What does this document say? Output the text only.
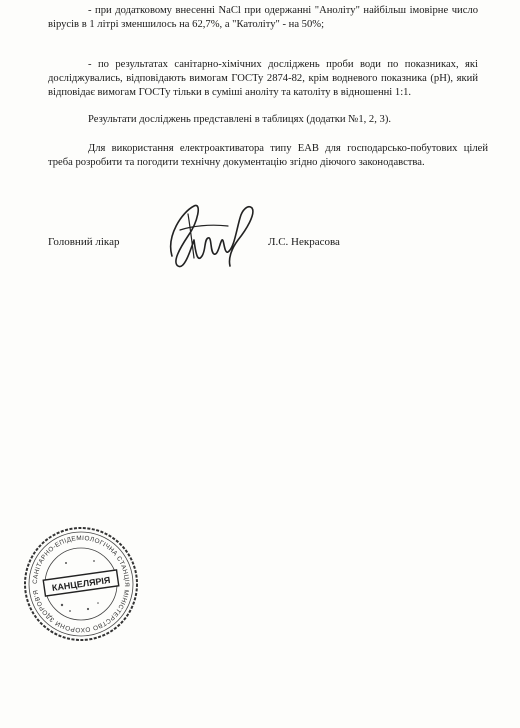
- при додатковому внесенні NaCl при одержанні "Аноліту" найбільш імовірне число вірусів в 1 літрі зменшилось на 62,7%, а "Католіту" - на 50%;

- по результатах санітарно-хімічних досліджень проби води по показниках, які досліджувались, відповідають вимогам ГОСТу 2874-82, крім водневого показника (рН), який відповідає вимогам ГОСТу тільки в суміші аноліту та католіту в відношенні 1:1.

Результати досліджень представлені в таблицях (додатки №1, 2, 3).

Для використання електроактиватора типу ЕАВ для господарсько-побутових цілей треба розробити та погодити технічну документацію згідно діючого законодавства.

Головний лікар	Л.С. Некрасова
САНІТАРНО-ЕПІДЕМІОЛОГІЧНА СТАНЦІЯ МІНІСТЕРСТВО ОХОРОНИ ЗДОРОВ'Я	КАНЦЕЛЯРІЯ
